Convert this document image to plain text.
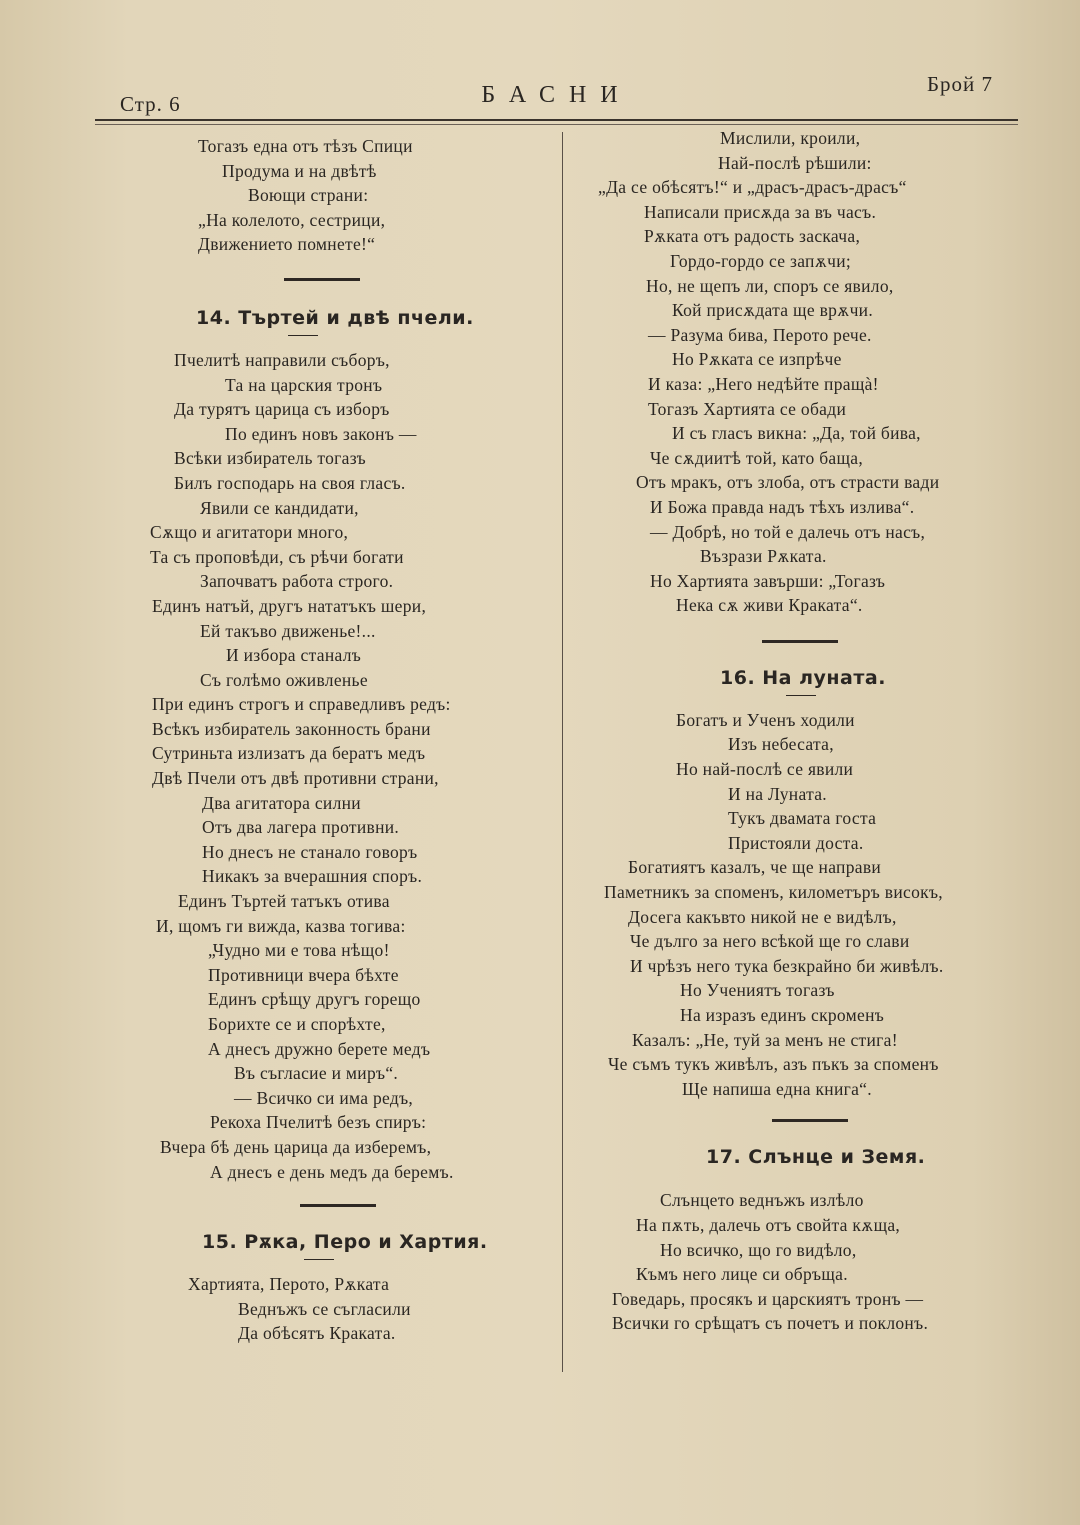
Стр. 6	БАСНИ	Брой 7
Тогазъ една отъ тѣзъ Спици
Продума и на двѣтѣ
Воющи страни:
„На колелото, сестрици,
Движението помнете!“
14. Търтей и двѣ пчели.
Пчелитѣ направили съборъ,
Та на царския тронъ
Да турятъ царица съ изборъ
По единъ новъ законъ —
Всѣки избиратель тогазъ
Билъ господарь на своя гласъ.
Явили се кандидати,
Сѫщо и агитатори много,
Та съ проповѣди, съ рѣчи богати
Започватъ работа строго.
Единъ натъй, другъ нататъкъ шери,
Ей такъво движенье!...
И избора станалъ
Съ голѣмо оживленье
При единъ строгъ и справедливъ редъ:
Всѣкъ избиратель законность брани
Сутриньта излизатъ да бератъ медъ
Двѣ Пчели отъ двѣ противни страни,
Два агитатора силни
Отъ два лагера противни.
Но днесъ не станало говоръ
Никакъ за вчерашния споръ.
Единъ Търтей татъкъ отива
И, щомъ ги вижда, казва тогива:
„Чудно ми е това нѣщо!
Противници вчера бѣхте
Единъ срѣщу другъ горещо
Борихте се и спорѣхте,
А днесъ дружно берете медъ
Въ съгласие и миръ“.
— Всичко си има редъ,
Рекоха Пчелитѣ безъ спиръ:
Вчера бѣ день царица да изберемъ,
А днесъ е день медъ да беремъ.
15. Рѫка, Перо и Хартия.
Хартията, Перото, Рѫката
Веднъжъ се съгласили
Да обѣсятъ Краката.
Мислили, кроили,
Най-послѣ рѣшили:
„Да се обѣсятъ!“ и „драсъ-драсъ-драсъ“
Написали присѫда за въ часъ.
Рѫката отъ радость заскача,
Гордо-гордо се запѫчи;
Но, не щепъ ли, споръ се явило,
Кой присѫдата ще врѫчи.
— Разума бива, Перото рече.
Но Рѫката се изпрѣче
И каза: „Него недѣйте пращà!
Тогазъ Хартията се обади
И съ гласъ викна: „Да, той бива,
Че сѫдиитѣ той, като баща,
Отъ мракъ, отъ злоба, отъ страсти вади
И Божа правда надъ тѣхъ излива“.
— Добрѣ, но той е далечь отъ насъ,
Възрази Рѫката.
Но Хартията завърши: „Тогазъ
Нека сѫ живи Краката“.
16. На луната.
Богатъ и Ученъ ходили
Изъ небесата,
Но най-послѣ се явили
И на Луната.
Тукъ двамата госта
Пристояли доста.
Богатиятъ казалъ, че ще направи
Паметникъ за споменъ, километъръ високъ,
Досега какъвто никой не е видѣлъ,
Че дълго за него всѣкой ще го слави
И чрѣзъ него тука безкрайно би живѣлъ.
Но Учениятъ тогазъ
На изразъ единъ скроменъ
Казалъ: „Не, туй за менъ не стига!
Че съмъ тукъ живѣлъ, азъ пъкъ за споменъ
Ще напиша една книга“.
17. Слънце и Земя.
Слънцето веднъжъ излѣло
На пѫть, далечь отъ свойта кѫща,
Но всичко, що го видѣло,
Къмъ него лице си обръща.
Говедарь, просякъ и царскиятъ тронъ —
Всички го срѣщатъ съ почетъ и поклонъ.
